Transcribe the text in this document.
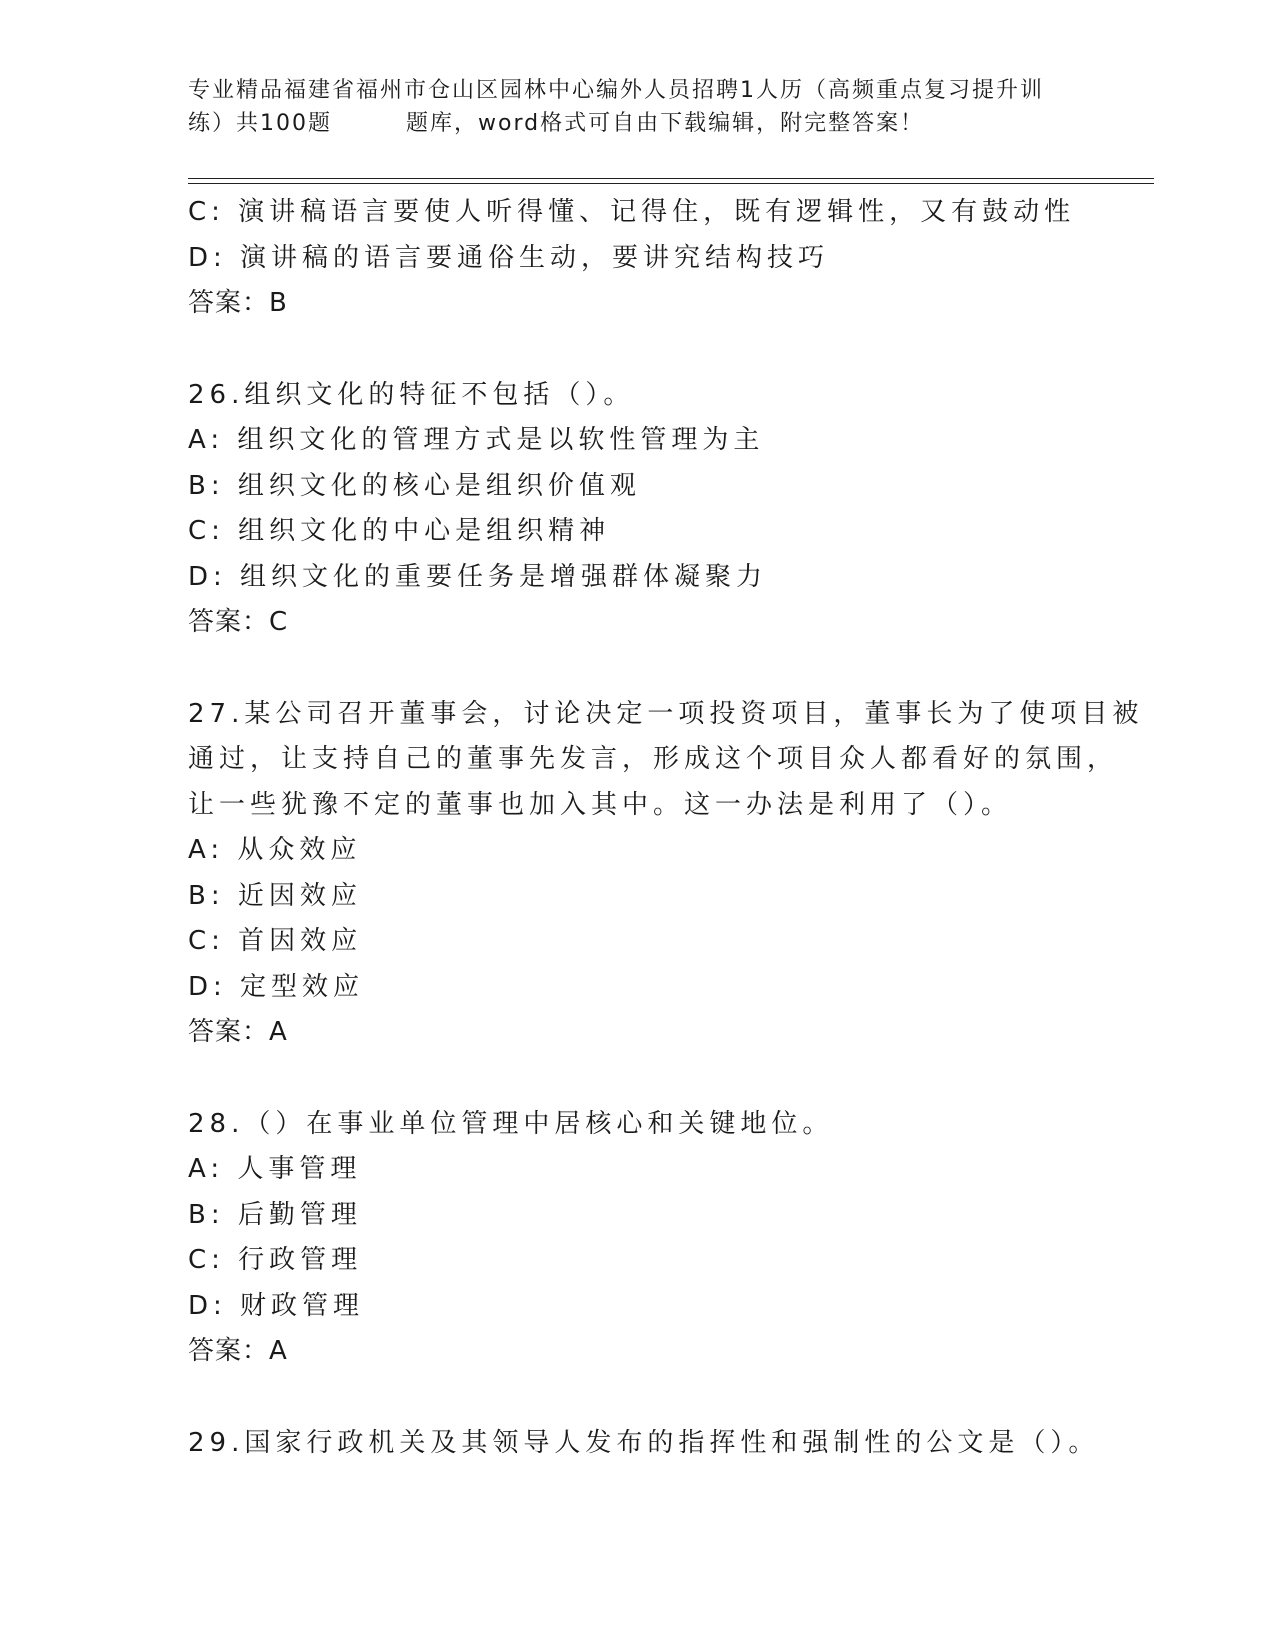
专业精品福建省福州市仓山区园林中心编外人员招聘1人历（高频重点复习提升训
练）共100题	题库，word格式可自由下载编辑，附完整答案！
C: 演讲稿语言要使人听得懂、记得住，既有逻辑性，又有鼓动性
D: 演讲稿的语言要通俗生动，要讲究结构技巧
答案：B
26.组织文化的特征不包括（）。
A: 组织文化的管理方式是以软性管理为主
B: 组织文化的核心是组织价值观
C: 组织文化的中心是组织精神
D: 组织文化的重要任务是增强群体凝聚力
答案：C
27.某公司召开董事会，讨论决定一项投资项目，董事长为了使项目被
通过，让支持自己的董事先发言，形成这个项目众人都看好的氛围，
让一些犹豫不定的董事也加入其中。这一办法是利用了（）。
A: 从众效应
B: 近因效应
C: 首因效应
D: 定型效应
答案：A
28.（）在事业单位管理中居核心和关键地位。
A: 人事管理
B: 后勤管理
C: 行政管理
D: 财政管理
答案：A
29.国家行政机关及其领导人发布的指挥性和强制性的公文是（）。
